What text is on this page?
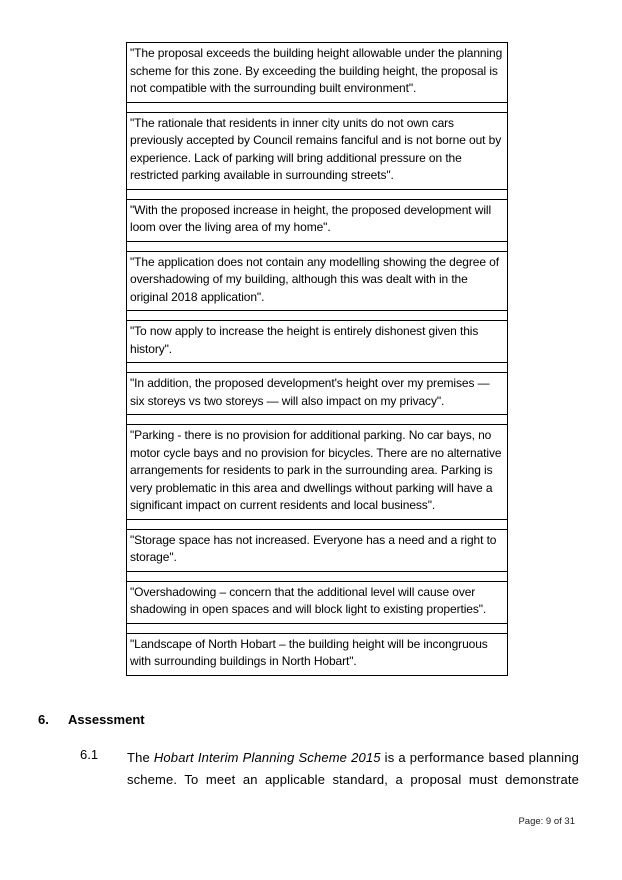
"The proposal exceeds the building height allowable under the planning scheme for this zone. By exceeding the building height, the proposal is not compatible with the surrounding built environment".
"The rationale that residents in inner city units do not own cars previously accepted by Council remains fanciful and is not borne out by experience. Lack of parking will bring additional pressure on the restricted parking available in surrounding streets".
"With the proposed increase in height, the proposed development will loom over the living area of my home".
"The application does not contain any modelling showing the degree of overshadowing of my building, although this was dealt with in the original 2018 application".
"To now apply to increase the height is entirely dishonest given this history".
"In addition, the proposed development's height over my premises — six storeys vs two storeys — will also impact on my privacy".
"Parking - there is no provision for additional parking. No car bays, no motor cycle bays and no provision for bicycles. There are no alternative arrangements for residents to park in the surrounding area. Parking is very problematic in this area and dwellings without parking will have a significant impact on current residents and local business".
"Storage space has not increased. Everyone has a need and a right to storage".
"Overshadowing – concern that the additional level will cause over shadowing in open spaces and will block light to existing properties".
"Landscape of North Hobart – the building height will be incongruous with surrounding buildings in North Hobart".
6. Assessment
6.1 The Hobart Interim Planning Scheme 2015 is a performance based planning scheme. To meet an applicable standard, a proposal must demonstrate
Page: 9 of 31
